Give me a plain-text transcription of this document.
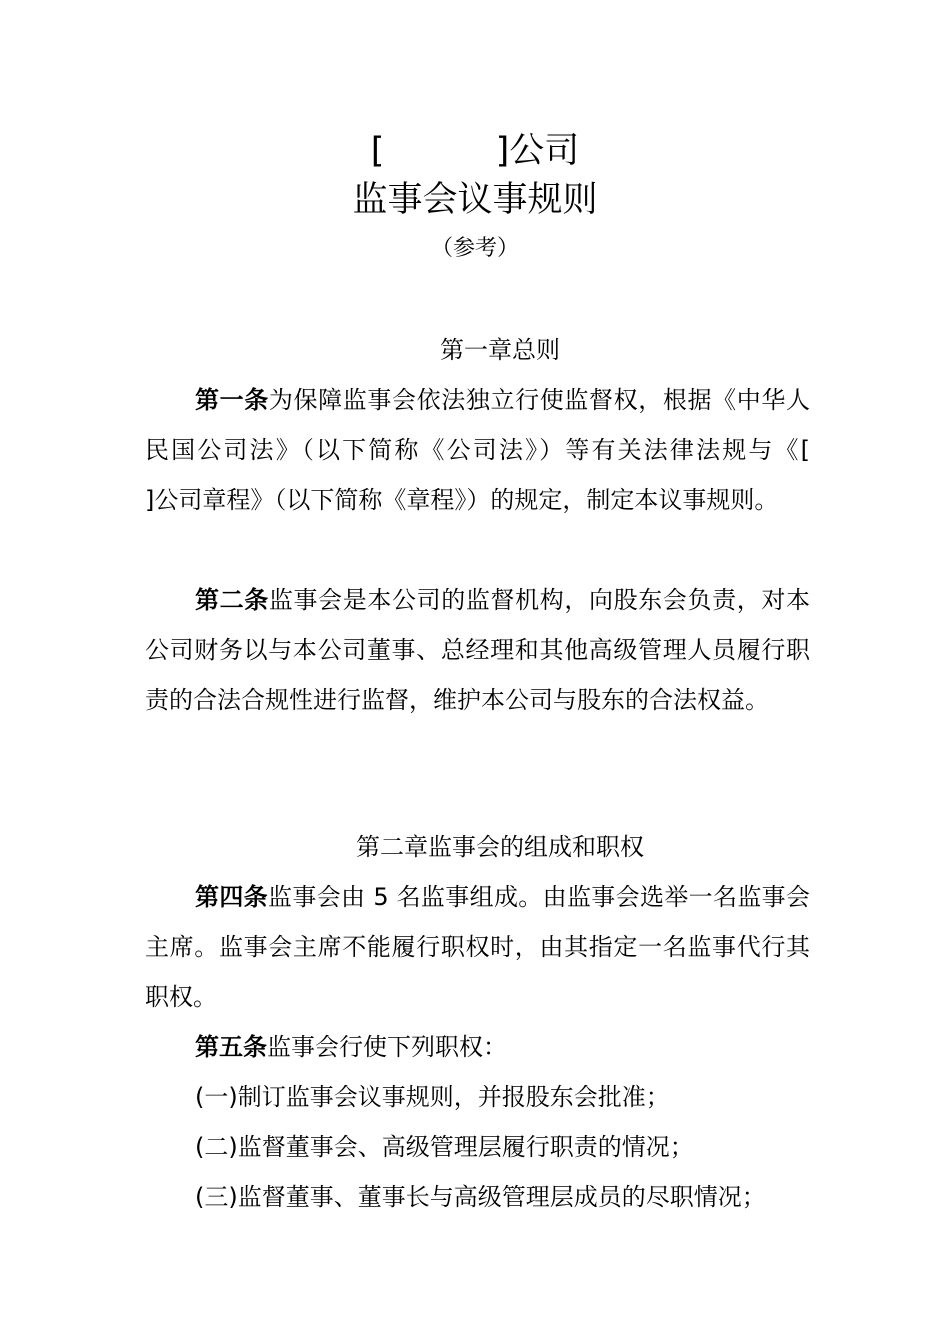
[          ]公司
监事会议事规则
（参考）
第一章总则
第一条为保障监事会依法独立行使监督权，根据《中华人民国公司法》（以下简称《公司法》）等有关法律法规与《[          ]公司章程》（以下简称《章程》）的规定，制定本议事规则。
第二条监事会是本公司的监督机构，向股东会负责，对本公司财务以与本公司董事、总经理和其他高级管理人员履行职责的合法合规性进行监督，维护本公司与股东的合法权益。
第二章监事会的组成和职权
第四条监事会由 5 名监事组成。由监事会选举一名监事会主席。监事会主席不能履行职权时，由其指定一名监事代行其职权。
第五条监事会行使下列职权：
(一)制订监事会议事规则，并报股东会批准；
(二)监督董事会、高级管理层履行职责的情况；
(三)监督董事、董事长与高级管理层成员的尽职情况；
